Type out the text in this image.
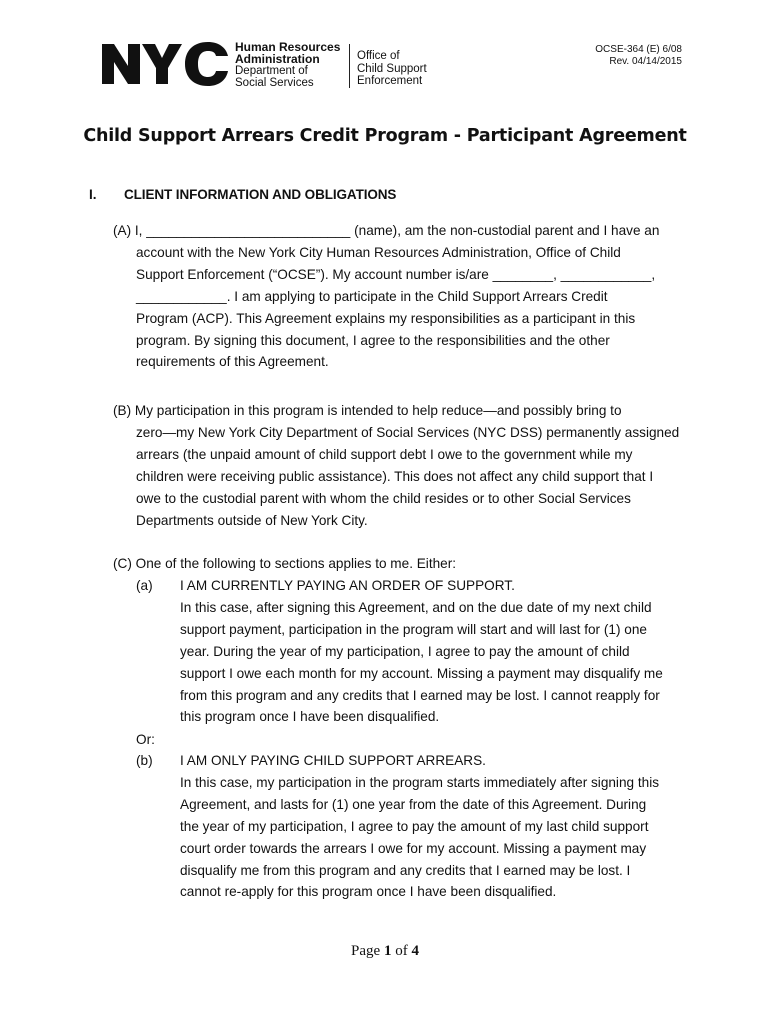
Human Resources
Administration
Department of
Social Services
Office of
Child Support
Enforcement
OCSE-364 (E) 6/08
Rev. 04/14/2015
Child Support Arrears Credit Program - Participant Agreement
I. CLIENT INFORMATION AND OBLIGATIONS
(A) I, ___________________________ (name), am the non-custodial parent and I have an
account with the New York City Human Resources Administration, Office of Child
Support Enforcement (“OCSE”). My account number is/are ________, ____________,
____________. I am applying to participate in the Child Support Arrears Credit
Program (ACP). This Agreement explains my responsibilities as a participant in this
program. By signing this document, I agree to the responsibilities and the other
requirements of this Agreement.
(B) My participation in this program is intended to help reduce—and possibly bring to
zero—my New York City Department of Social Services (NYC DSS) permanently assigned
arrears (the unpaid amount of child support debt I owe to the government while my
children were receiving public assistance). This does not affect any child support that I
owe to the custodial parent with whom the child resides or to other Social Services
Departments outside of New York City.
(C) One of the following to sections applies to me. Either:
(a) I AM CURRENTLY PAYING AN ORDER OF SUPPORT.
In this case, after signing this Agreement, and on the due date of my next child
support payment, participation in the program will start and will last for (1) one
year. During the year of my participation, I agree to pay the amount of child
support I owe each month for my account. Missing a payment may disqualify me
from this program and any credits that I earned may be lost. I cannot reapply for
this program once I have been disqualified.
Or:
(b) I AM ONLY PAYING CHILD SUPPORT ARREARS.
In this case, my participation in the program starts immediately after signing this
Agreement, and lasts for (1) one year from the date of this Agreement. During
the year of my participation, I agree to pay the amount of my last child support
court order towards the arrears I owe for my account. Missing a payment may
disqualify me from this program and any credits that I earned may be lost. I
cannot re-apply for this program once I have been disqualified.
Page 1 of 4
